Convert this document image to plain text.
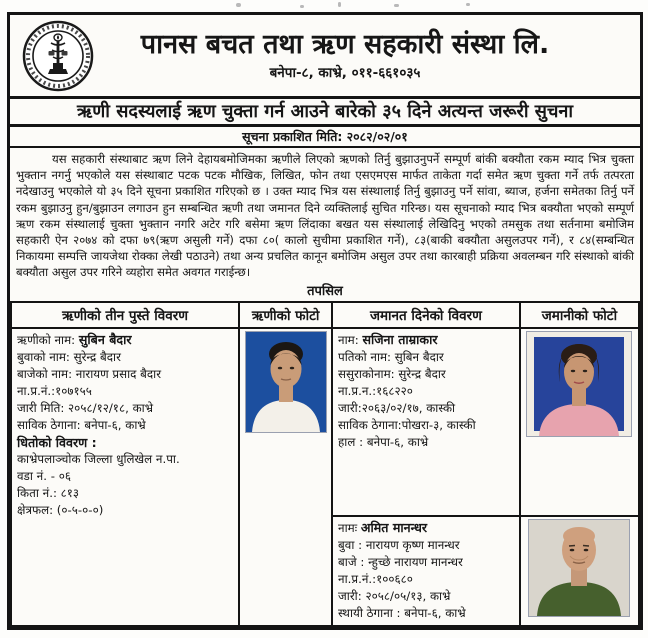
पानस बचत तथा ऋण सहकारी संस्था लि.
बनेपा-८, काभ्रे, ०११-६६१०३५
ऋणी सदस्यलाई ऋण चुक्ता गर्न आउने बारेको ३५ दिने अत्यन्त जरूरी सुचना
सूचना प्रकाशित मिति: २०८२/०२/०१

यस सहकारी संस्थाबाट ऋण लिने देहायबमोजिमका ऋणीले लिएको ऋणको तिर्नु बुझाउनुपर्ने सम्पूर्ण बांकी बक्यौता रकम म्याद भित्र चुक्ता भुक्तान नगर्नु भएकोले यस संस्थाबाट पटक पटक मौखिक, लिखित, फोन तथा एसएमएस मार्फत ताकेता गर्दा समेत ऋण चुक्ता गर्ने तर्फ तत्परता नदेखाउनु भएकोले यो ३५ दिने सूचना प्रकाशित गरिएको छ । उक्त म्याद भित्र यस संस्थालाई तिर्नु बुझाउनु पर्ने सांवा, ब्याज, हर्जना समेतका तिर्नु पर्ने रकम बुझाउनु हुन/बुझाउन लगाउन हुन सम्बन्धित ऋणी तथा जमानत दिने व्यक्तिलाई सुचित गरिन्छ। यस सूचनाको म्याद भित्र बक्यौता भएको सम्पूर्ण ऋण रकम संस्थालाई चुक्ता भुक्तान नगरि अटेर गरि बसेमा ऋण लिंदाका बखत यस संस्थालाई लेखिदिनु भएको तमसुक तथा सर्तनामा बमोजिम सहकारी ऐन २०७४ को दफा ७९(ऋण असुली गर्ने) दफा ८०( कालो सुचीमा प्रकाशित गर्ने), ८३(बाकी बक्यौता असुलउपर गर्ने), र ८४(सम्बन्धित निकायमा सम्पत्ति जायजेथा रोक्का लेखी पठाउने) तथा अन्य प्रचलित कानून बमोजिम असुल उपर तथा कारबाही प्रक्रिया अवलम्बन गरि संस्थाको बांकी बक्यौता असुल उपर गरिने व्यहोरा समेत अवगत गराईन्छ।

तपसिल
ऋणीको तीन पुस्ते विवरण	ऋणीको फोटो	जमानत दिनेको विवरण	जमानीको फोटो

ऋणीको नाम: सुबिन बैदार
बुवाको नाम: सुरेन्द्र बैदार
बाजेको नाम: नारायण प्रसाद बैदार
ना.प्र.नं.:१०७१५५
जारी मिति: २०५८/१२/१८, काभ्रे
साविक ठेगाना: बनेपा-६, काभ्रे
धितोको विवरण :
काभ्रेपलाञ्चोक जिल्ला धुलिखेल न.पा.
वडा नं. - ०६
किता नं.: ८१३
क्षेत्रफल: (०-५-०-०)

नाम: सजिना ताम्राकार
पतिको नाम: सुबिन बैदार
ससुराकोनाम: सुरेन्द्र बैदार
ना.प्र.न.:१६८२२०
जारी:२०६३/०२/१७, कास्की
साविक ठेगाना:पोखरा-३, कास्की
हाल : बनेपा-६, काभ्रे

नामः अमित मानन्धर
बुवा : नारायण कृष्ण मानन्धर
बाजे : न्हुच्छे नारायण मानन्धर
ना.प्र.नं.:१००६८०
जारी: २०५८/०५/१३, काभ्रे
स्थायी ठेगाना : बनेपा-६, काभ्रे
